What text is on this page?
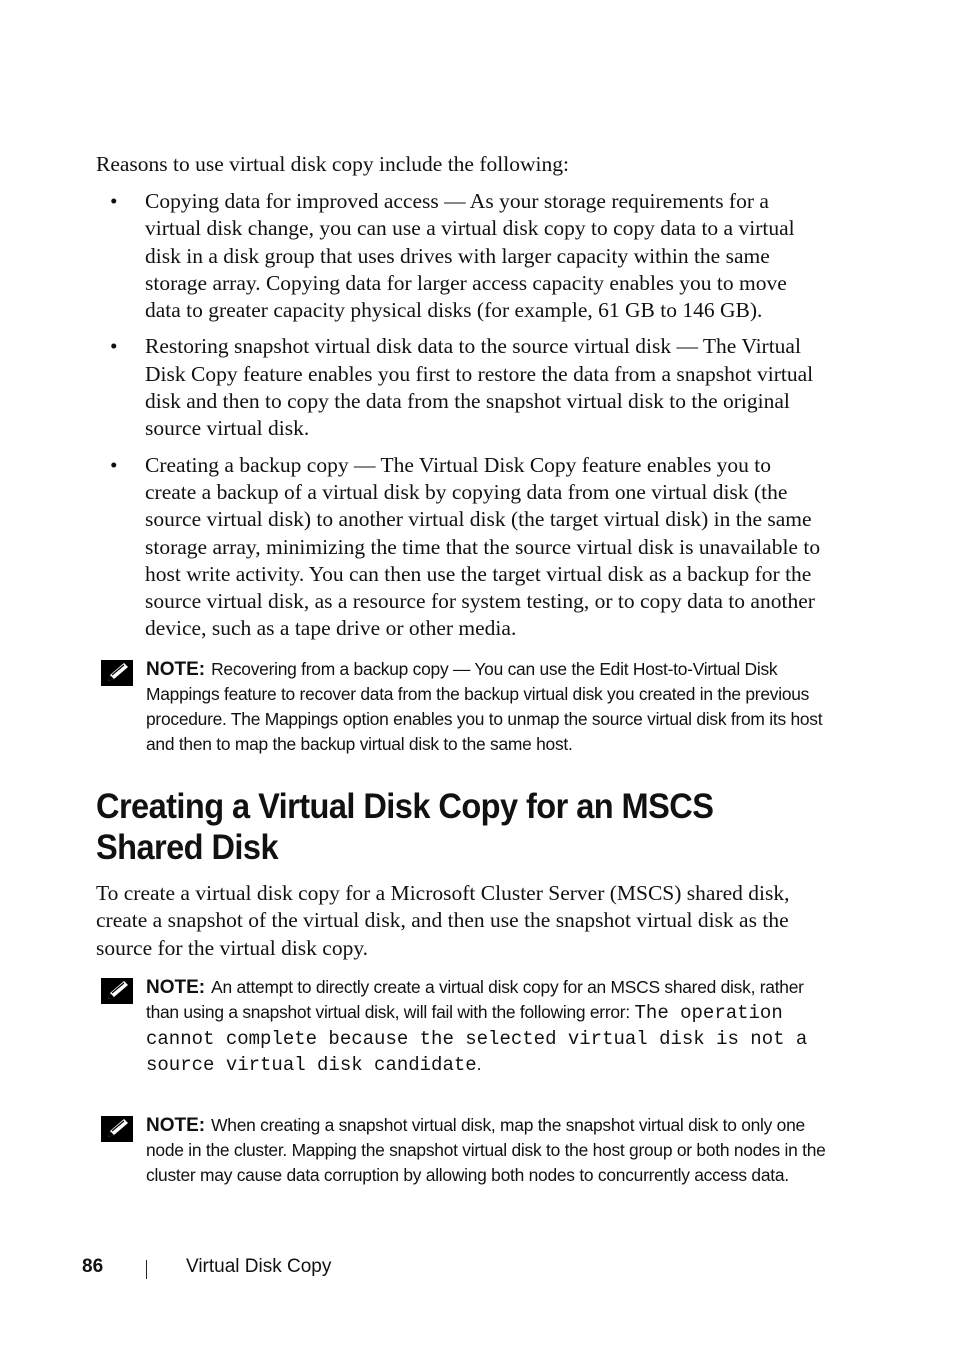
Reasons to use virtual disk copy include the following:

• Copying data for improved access — As your storage requirements for a virtual disk change, you can use a virtual disk copy to copy data to a virtual disk in a disk group that uses drives with larger capacity within the same storage array. Copying data for larger access capacity enables you to move data to greater capacity physical disks (for example, 61 GB to 146 GB).
• Restoring snapshot virtual disk data to the source virtual disk — The Virtual Disk Copy feature enables you first to restore the data from a snapshot virtual disk and then to copy the data from the snapshot virtual disk to the original source virtual disk.
• Creating a backup copy — The Virtual Disk Copy feature enables you to create a backup of a virtual disk by copying data from one virtual disk (the source virtual disk) to another virtual disk (the target virtual disk) in the same storage array, minimizing the time that the source virtual disk is unavailable to host write activity. You can then use the target virtual disk as a backup for the source virtual disk, as a resource for system testing, or to copy data to another device, such as a tape drive or other media.
NOTE: Recovering from a backup copy — You can use the Edit Host-to-Virtual Disk Mappings feature to recover data from the backup virtual disk you created in the previous procedure. The Mappings option enables you to unmap the source virtual disk from its host and then to map the backup virtual disk to the same host.
Creating a Virtual Disk Copy for an MSCS Shared Disk

To create a virtual disk copy for a Microsoft Cluster Server (MSCS) shared disk, create a snapshot of the virtual disk, and then use the snapshot virtual disk as the source for the virtual disk copy.

NOTE: An attempt to directly create a virtual disk copy for an MSCS shared disk, rather than using a snapshot virtual disk, will fail with the following error: The operation cannot complete because the selected virtual disk is not a source virtual disk candidate.
NOTE: When creating a snapshot virtual disk, map the snapshot virtual disk to only one node in the cluster. Mapping the snapshot virtual disk to the host group or both nodes in the cluster may cause data corruption by allowing both nodes to concurrently access data.
86	Virtual Disk Copy
